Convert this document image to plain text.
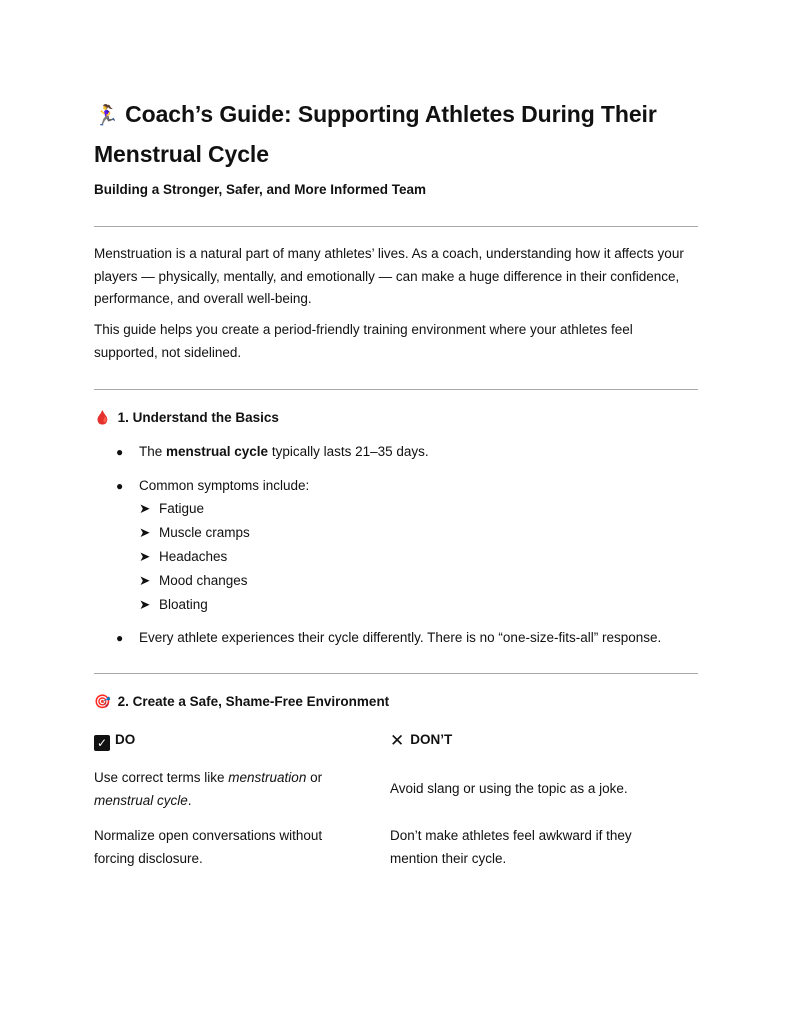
🏃‍♀️ Coach’s Guide: Supporting Athletes During Their Menstrual Cycle
Building a Stronger, Safer, and More Informed Team
Menstruation is a natural part of many athletes’ lives. As a coach, understanding how it affects your players — physically, mentally, and emotionally — can make a huge difference in their confidence, performance, and overall well-being.
This guide helps you create a period-friendly training environment where your athletes feel supported, not sidelined.
🩸 1. Understand the Basics
● The menstrual cycle typically lasts 21–35 days.
● Common symptoms include:
➤ Fatigue
➤ Muscle cramps
➤ Headaches
➤ Mood changes
➤ Bloating
● Every athlete experiences their cycle differently. There is no “one-size-fits-all” response.
🎯 2. Create a Safe, Shame-Free Environment
✓ DO	✕ DON’T
Use correct terms like menstruation or menstrual cycle.
Avoid slang or using the topic as a joke.
Normalize open conversations without forcing disclosure.
Don’t make athletes feel awkward if they mention their cycle.
